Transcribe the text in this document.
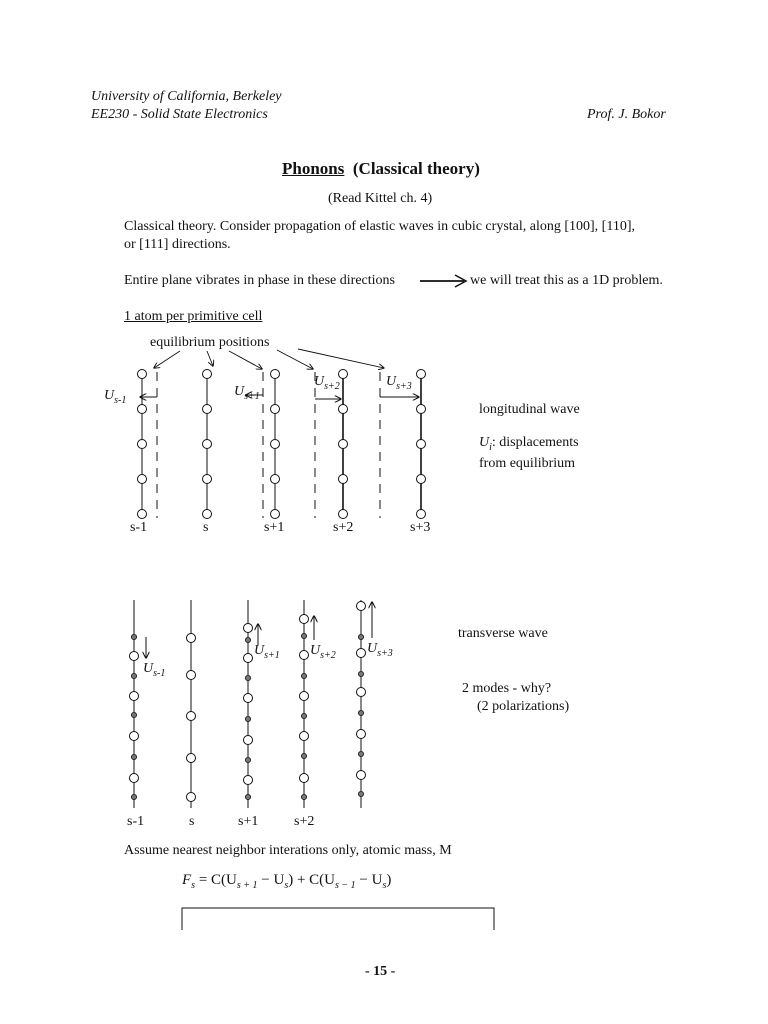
University of California, Berkeley
EE230 - Solid State Electronics	Prof. J. Bokor
Phonons (Classical theory)
(Read Kittel ch. 4)
Classical theory. Consider propagation of elastic waves in cubic crystal, along [100], [110],
or [111] directions.
Entire plane vibrates in phase in these directions	we will treat this as a 1D problem.
1 atom per primitive cell
equilibrium positions
longitudinal wave
$U_i$: displacements
from equilibrium
transverse wave
2 modes - why?
(2 polarizations)
Assume nearest neighbor interations only, atomic mass, M
$F_s = C(U_{s + 1} - U_s) + C(U_{s - 1} - U_s)$
- 15 -
s-1	s	s+1	s+2	s+3
$U_{s-1}$
$U_{s+1}$
$U_{s+2}$	$U_{s+3}$
s-1	s	s+1	s+2
$U_{s-1}$
$U_{s+1}$ $U_{s+2}$ $U_{s+3}$
